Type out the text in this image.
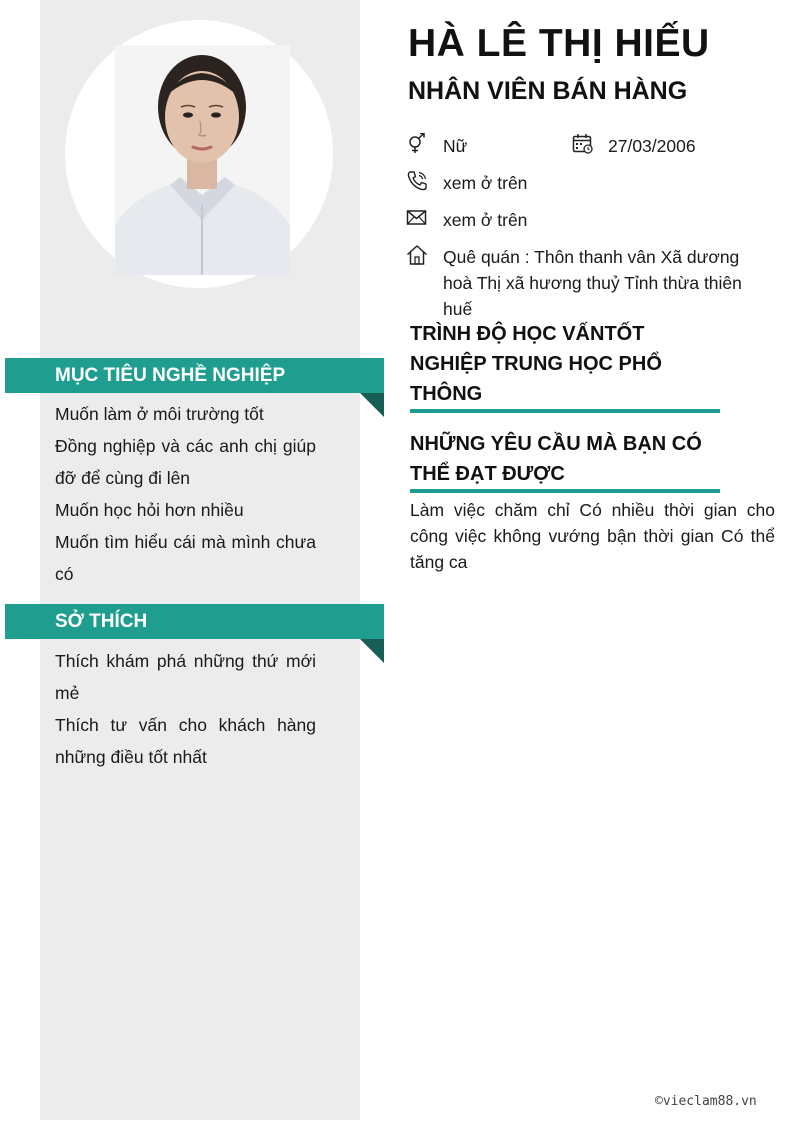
MỤC TIÊU NGHỀ NGHIỆP
Muốn làm ở môi trường tốt
Đồng nghiệp và các anh chị giúp đỡ để cùng đi lên
Muốn học hỏi hơn nhiều
Muốn tìm hiểu cái mà mình chưa có
SỞ THÍCH
Thích khám phá những thứ mới mẻ
Thích tư vấn cho khách hàng những điều tốt nhất
HÀ LÊ THỊ HIẾU
NHÂN VIÊN BÁN HÀNG
Nữ	27/03/2006
xem ở trên
xem ở trên
Quê quán : Thôn thanh vân Xã dương hoà Thị xã hương thuỷ Tỉnh thừa thiên huế
TRÌNH ĐỘ HỌC VẤNTỐT NGHIỆP TRUNG HỌC PHỔ THÔNG
NHỮNG YÊU CẦU MÀ BẠN CÓ THỂ ĐẠT ĐƯỢC

Làm việc chăm chỉ Có nhiều thời gian cho công việc không vướng bận thời gian Có thể tăng ca

©vieclam88.vn
